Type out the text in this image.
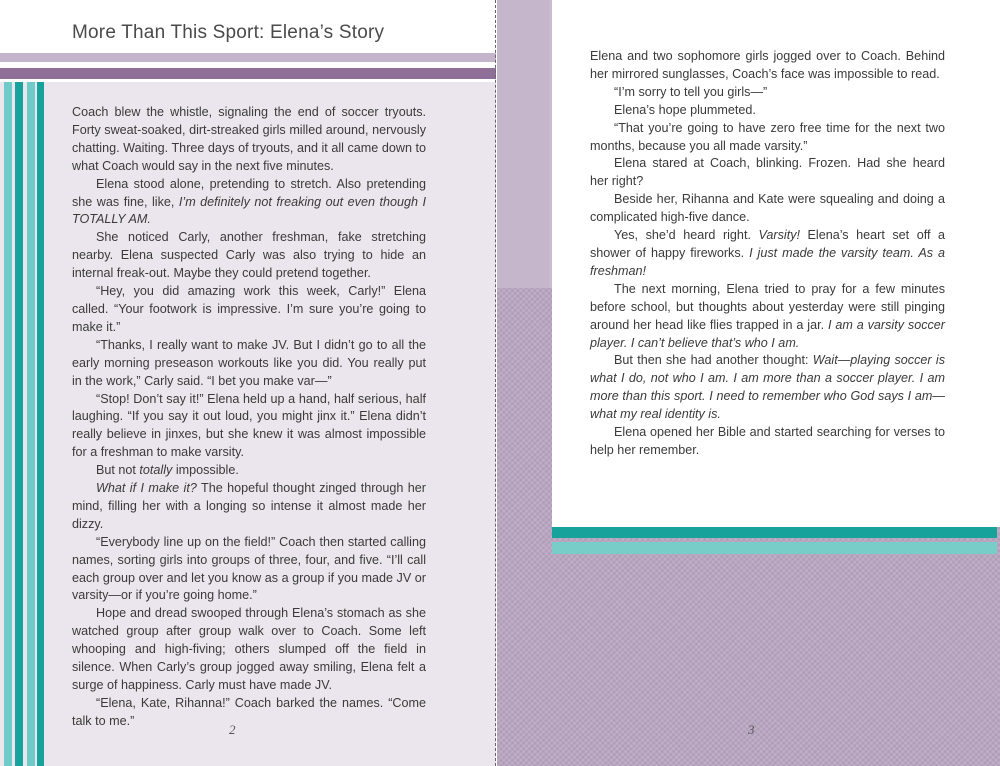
More Than This Sport: Elena’s Story

Coach blew the whistle, signaling the end of soccer tryouts. Forty sweat-soaked, dirt-streaked girls milled around, nervously chatting. Waiting. Three days of tryouts, and it all came down to what Coach would say in the next five minutes.

Elena stood alone, pretending to stretch. Also pretending she was fine, like, I’m definitely not freaking out even though I TOTALLY AM.

She noticed Carly, another freshman, fake stretching nearby. Elena suspected Carly was also trying to hide an internal freak-out. Maybe they could pretend together.

“Hey, you did amazing work this week, Carly!” Elena called. “Your footwork is impressive. I’m sure you’re going to make it.”

“Thanks, I really want to make JV. But I didn’t go to all the early morning preseason workouts like you did. You really put in the work,” Carly said. “I bet you make var—”

“Stop! Don’t say it!” Elena held up a hand, half serious, half laughing. “If you say it out loud, you might jinx it.” Elena didn’t really believe in jinxes, but she knew it was almost impossible for a freshman to make varsity.

But not totally impossible.

What if I make it? The hopeful thought zinged through her mind, filling her with a longing so intense it almost made her dizzy.

“Everybody line up on the field!” Coach then started calling names, sorting girls into groups of three, four, and five. “I’ll call each group over and let you know as a group if you made JV or varsity—or if you’re going home.”

Hope and dread swooped through Elena’s stomach as she watched group after group walk over to Coach. Some left whooping and high-fiving; others slumped off the field in silence. When Carly’s group jogged away smiling, Elena felt a surge of happiness. Carly must have made JV.

“Elena, Kate, Rihanna!” Coach barked the names. “Come talk to me.”

2	3

Elena and two sophomore girls jogged over to Coach. Behind her mirrored sunglasses, Coach’s face was impossible to read.

“I’m sorry to tell you girls—”

Elena’s hope plummeted.

“That you’re going to have zero free time for the next two months, because you all made varsity.”

Elena stared at Coach, blinking. Frozen. Had she heard her right?

Beside her, Rihanna and Kate were squealing and doing a complicated high-five dance.

Yes, she’d heard right. Varsity! Elena’s heart set off a shower of happy fireworks. I just made the varsity team. As a freshman!

The next morning, Elena tried to pray for a few minutes before school, but thoughts about yesterday were still pinging around her head like flies trapped in a jar. I am a varsity soccer player. I can’t believe that’s who I am.

But then she had another thought: Wait—playing soccer is what I do, not who I am. I am more than a soccer player. I am more than this sport. I need to remember who God says I am—what my real identity is.

Elena opened her Bible and started searching for verses to help her remember.
